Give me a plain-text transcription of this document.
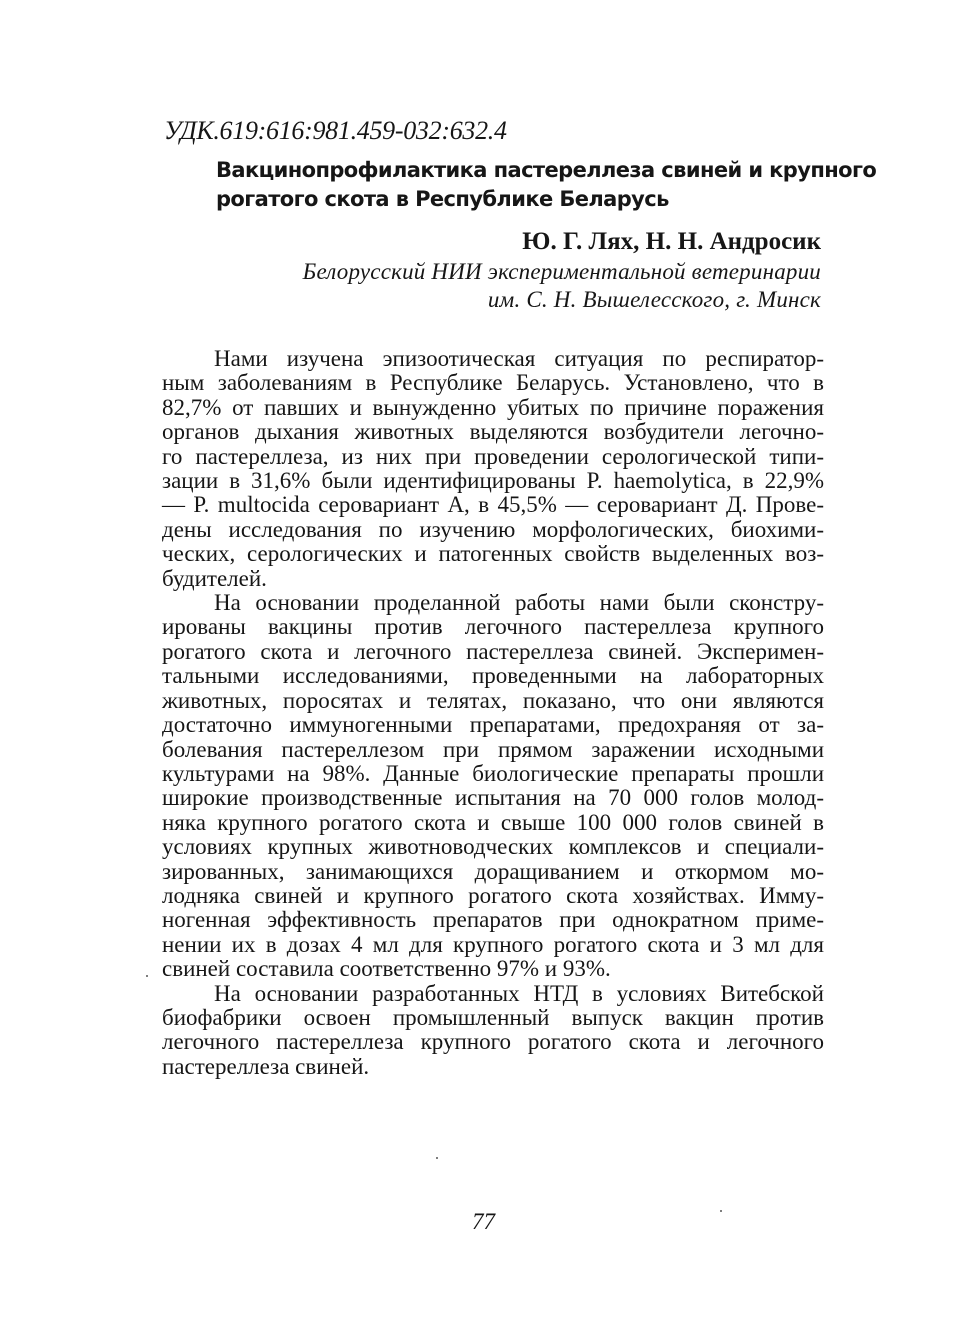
УДК.619:616:981.459-032:632.4
Вакцинопрофилактика пастереллеза свиней и крупного
рогатого скота в Республике Беларусь
Ю. Г. Лях, Н. Н. Андросик
Белорусский НИИ экспериментальной ветеринарии
им. С. Н. Вышелесского, г. Минск
Нами изучена эпизоотическая ситуация по респиратор-
ным заболеваниям в Республике Беларусь. Установлено, что в
82,7% от павших и вынужденно убитых по причине поражения
органов дыхания животных выделяются возбудители легочно-
го пастереллеза, из них при проведении серологической типи-
зации в 31,6% были идентифицированы P. haemolytica, в 22,9%
— P. multocida серовариант А, в 45,5% — серовариант Д. Прове-
дены исследования по изучению морфологических, биохими-
ческих, серологических и патогенных свойств выделенных воз-
будителей.
На основании проделанной работы нами были сконстру-
ированы вакцины против легочного пастереллеза крупного
рогатого скота и легочного пастереллеза свиней. Эксперимен-
тальными исследованиями, проведенными на лабораторных
животных, поросятах и телятах, показано, что они являются
достаточно иммуногенными препаратами, предохраняя от за-
болевания пастереллезом при прямом заражении исходными
культурами на 98%. Данные биологические препараты прошли
широкие производственные испытания на 70 000 голов молод-
няка крупного рогатого скота и свыше 100 000 голов свиней в
условиях крупных животноводческих комплексов и специали-
зированных, занимающихся доращиванием и откормом мо-
лодняка свиней и крупного рогатого скота хозяйствах. Имму-
ногенная эффективность препаратов при однократном приме-
нении их в дозах 4 мл для крупного рогатого скота и 3 мл для
свиней составила соответственно 97% и 93%.
На основании разработанных НТД в условиях Витебской
биофабрики освоен промышленный выпуск вакцин против
легочного пастереллеза крупного рогатого скота и легочного
пастереллеза свиней.
77
